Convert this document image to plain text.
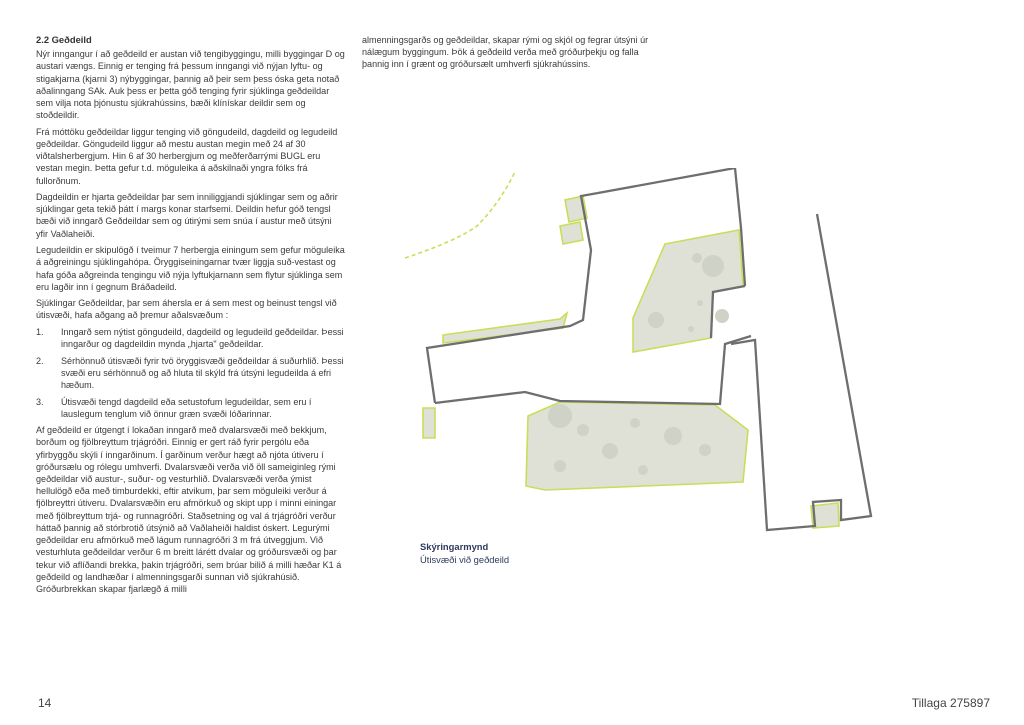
2.2 Geðdeild

Nýr inngangur í að geðdeild er austan við tengibyggingu, milli byggingar D og austari vængs. Einnig er tenging frá þessum inngangi við nýjan lyftu- og stigakjarna (kjarni 3) nýbyggingar, þannig að þeir sem þess óska geta notað aðalinngang SAk. Auk þess er þetta góð tenging fyrir sjúklinga geðdeildar sem vilja nota þjónustu sjúkrahússins, bæði klínískar deildir sem og stoðdeildir.

Frá móttöku geðdeildar liggur tenging við göngudeild, dagdeild og legudeild geðdeildar. Göngudeild liggur að mestu austan megin með 24 af 30 viðtalsherbergjum. Hin 6 af 30 herbergjum og meðferðarrými BUGL eru vestan megin. Þetta gefur t.d. möguleika á aðskilnaði yngra fólks frá fullorðnum.

Dagdeildin er hjarta geðdeildar þar sem inniliggjandi sjúklingar sem og aðrir sjúklingar geta tekið þátt í margs konar starfsemi. Deildin hefur góð tengsl bæði við inngarð Geðdeildar sem og útirými sem snúa í austur með útsýni yfir Vaðlaheiði.

Legudeildin er skipulögð í tveimur 7 herbergja einingum sem gefur möguleika á aðgreiningu sjúklingahópa. Öryggiseiningarnar tvær liggja suð-vestast og hafa góða aðgreinda tengingu við nýja lyftukjarnann sem flytur sjúklinga sem eru lagðir inn í gegnum Bráðadeild.

Sjúklingar Geðdeildar, þar sem áhersla er á sem mest og beinust tengsl við útisvæði, hafa aðgang að þremur aðalsvæðum :

1. Inngarð sem nýtist göngudeild, dagdeild og legudeild geðdeildar. Þessi inngarður og dagdeildin mynda „hjarta" geðdeildar.
2. Sérhönnuð útisvæði fyrir tvö öryggisvæði geðdeildar á suðurhlið. Þessi svæði eru sérhönnuð og að hluta til skýld frá útsýni legudeilda á efri hæðum.
3. Útisvæði tengd dagdeild eða setustofum legudeildar, sem eru í lauslegum tenglum við önnur græn svæði lóðarinnar.

Af geðdeild er útgengt í lokaðan inngarð með dvalarsvæði með bekkjum, borðum og fjölbreyttum trjágróðri. Einnig er gert ráð fyrir pergólu eða yfirbyggðu skýli í inngarðinum. Í garðinum verður hægt að njóta útiveru í gróðursælu og rólegu umhverfi. Dvalarsvæði verða við öll sameiginleg rými geðdeildar við austur-, suður- og vesturhlið. Dvalarsvæði verða ýmist hellulögð eða með timburdekki, eftir atvikum, þar sem möguleiki verður á fjölbreyttri útiveru. Dvalarsvæðin eru afmörkuð og skipt upp í minni einingar með fjölbreyttum trjá- og runnagróðri. Staðsetning og val á trjágróðri verður háttað þannig að stórbrotið útsýnið að Vaðlaheiði haldist óskert. Legurými geðdeildar eru afmörkuð með lágum runnagróðri 3 m frá útveggjum. Við vesturhluta geðdeildar verður 6 m breitt lárétt dvalar og gróðursvæði og þar tekur við aflíðandi brekka, þakin trjágróðri, sem brúar bilið á milli hæðar K1 á geðdeild og landhæðar í almenningsgarði sunnan við sjúkrahúsið. Gróðurbrekkan skapar fjarlægð á milli

almenningsgarðs og geðdeildar, skapar rými og skjól og fegrar útsýni úr nálægum byggingum. Þök á geðdeild verða með gróðurþekju og falla þannig inn í grænt og gróðursælt umhverfi sjúkrahússins.

Skýringarmynd
Útisvæði við geðdeild
14	Tillaga 275897
